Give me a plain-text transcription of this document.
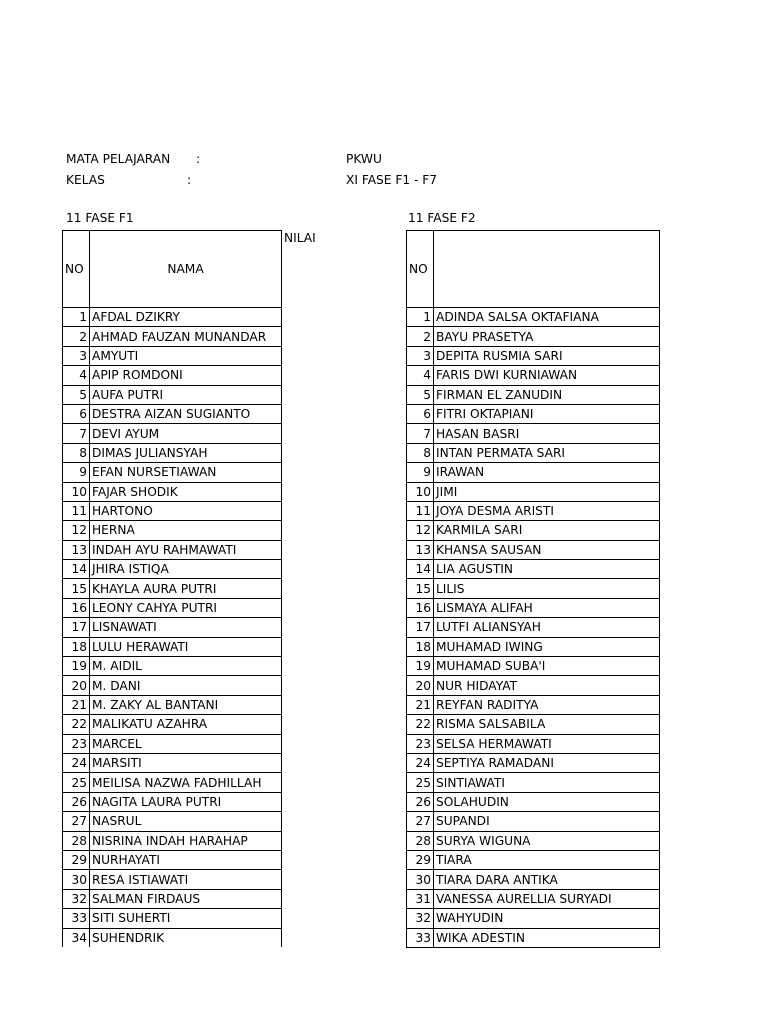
MATA PELAJARAN :	PKWU
KELAS	:	XI FASE F1 - F7
11 FASE F1	11 FASE F2
NILAI
NO	NAMA
1	AFDAL DZIKRY
2	AHMAD FAUZAN MUNANDAR
3	AMYUTI
4	APIP ROMDONI
5	AUFA PUTRI
6	DESTRA AIZAN SUGIANTO
7	DEVI AYUM
8	DIMAS JULIANSYAH
9	EFAN NURSETIAWAN
10	FAJAR SHODIK
11	HARTONO
12	HERNA
13	INDAH AYU RAHMAWATI
14	JHIRA ISTIQA
15	KHAYLA AURA PUTRI
16	LEONY CAHYA PUTRI
17	LISNAWATI
18	LULU HERAWATI
19	M. AIDIL
20	M. DANI
21	M. ZAKY AL BANTANI
22	MALIKATU AZAHRA
23	MARCEL
24	MARSITI
25	MEILISA NAZWA FADHILLAH
26	NAGITA LAURA PUTRI
27	NASRUL
28	NISRINA INDAH HARAHAP
29	NURHAYATI
30	RESA ISTIAWATI
32	SALMAN FIRDAUS
33	SITI SUHERTI
34	SUHENDRIK
NO	
1	ADINDA SALSA OKTAFIANA
2	BAYU PRASETYA
3	DEPITA RUSMIA SARI
4	FARIS DWI KURNIAWAN
5	FIRMAN EL ZANUDIN
6	FITRI OKTAPIANI
7	HASAN BASRI
8	INTAN PERMATA SARI
9	IRAWAN
10	JIMI
11	JOYA DESMA ARISTI
12	KARMILA SARI
13	KHANSA SAUSAN
14	LIA AGUSTIN
15	LILIS
16	LISMAYA ALIFAH
17	LUTFI ALIANSYAH
18	MUHAMAD IWING
19	MUHAMAD SUBA'I
20	NUR HIDAYAT
21	REYFAN RADITYA
22	RISMA SALSABILA
23	SELSA HERMAWATI
24	SEPTIYA RAMADANI
25	SINTIAWATI
26	SOLAHUDIN
27	SUPANDI
28	SURYA WIGUNA
29	TIARA
30	TIARA DARA ANTIKA
31	VANESSA AURELLIA SURYADI
32	WAHYUDIN
33	WIKA ADESTIN
